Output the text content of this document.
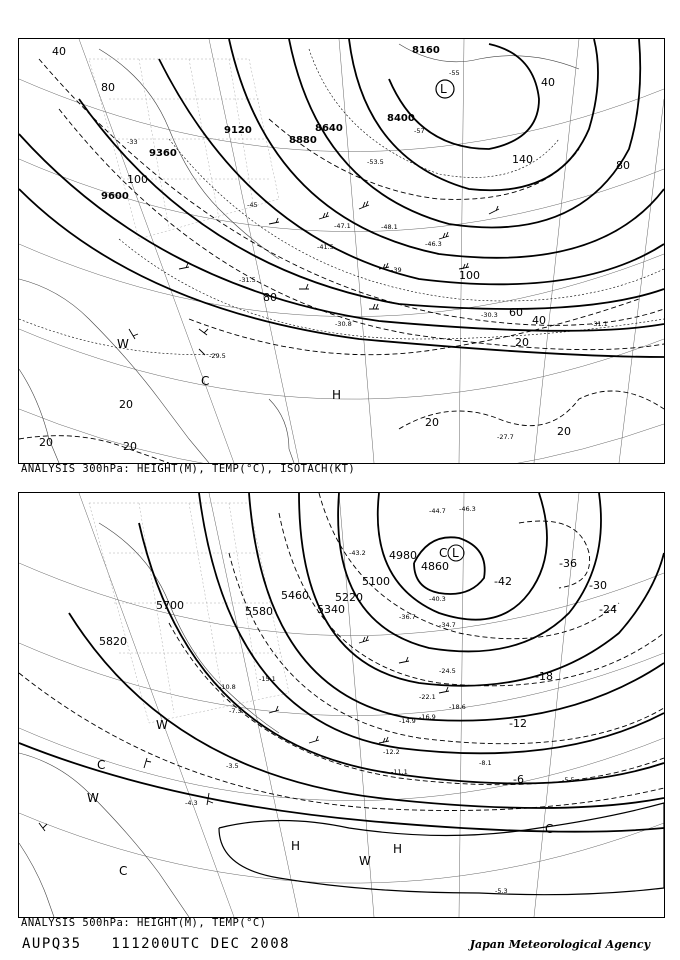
8160
8400
8640
8880
9120
9360
9600
40
80
100
140
40
80
100
60
40
20
20
20
20	20
80
20
-33
-45
-47.1
-53.5
-55
-57
-48.1
-39
-31.5
-30.3
-31.1
-29.5
-27.7
-30.8
-41.5	-46.3
L
H
C
W
ANALYSIS 300hPa: HEIGHT(M), TEMP(°C), ISOTACH(KT)
4860
4980
5100
5220
5340
5460
5580
5700
5820
-42
-36
-30
-24
-18
-12
-6
-44.7 -46.3
-43.2
-40.3
-36.7
-34.7
-24.5
-22.1
-18.6
-16.9
-14.9
-12.2
-11.1
-8.1
-5.5
-5.3
-4.3
-3.5
-7.3
-10.8
-15.1
L
C
C
H	H
W
W
W
C
C
ANALYSIS 500hPa: HEIGHT(M), TEMP(°C)
AUPQ35   111200UTC DEC 2008	Japan Meteorological Agency
